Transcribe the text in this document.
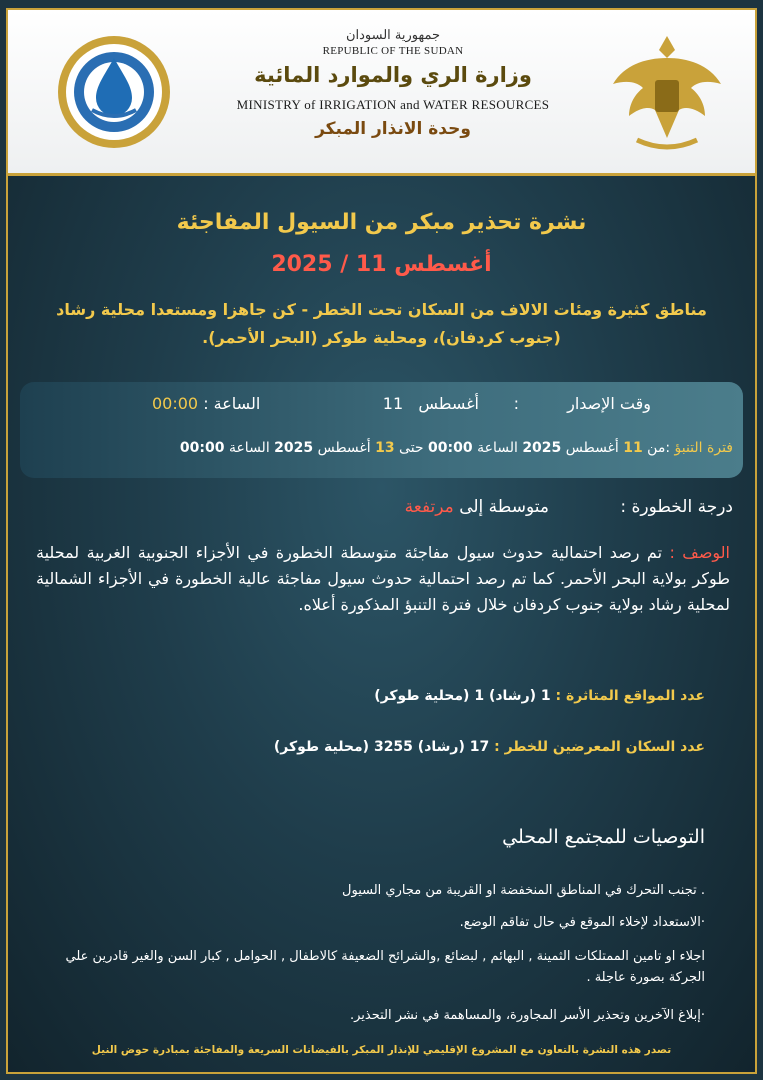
جمهورية السودان
REPUBLIC OF THE SUDAN
وزارة الري والموارد المائية
MINISTRY of IRRIGATION and WATER RESOURCES
وحدة الانذار المبكر
نشرة تحذير مبكر من السيول المفاجئة
أغسطس 11 / 2025
مناطق كثيرة ومئات الالاف من السكان تحت الخطر - كن جاهزا ومستعدا محلية رشاد (جنوب كردفان)، ومحلية طوكر (البحر الأحمر).
وقت الإصدار
:
أغسطس   11
الساعة : 00:00
فترة التنبؤ :من 11 أغسطس 2025 الساعة 00:00 حتى 13 أغسطس 2025 الساعة 00:00
درجة الخطورة :
متوسطة إلى مرتفعة
الوصف : تم رصد احتمالية حدوث سيول مفاجئة متوسطة الخطورة في الأجزاء الجنوبية الغربية لمحلية طوكر بولاية البحر الأحمر. كما تم رصد احتمالية حدوث سيول مفاجئة عالية الخطورة في الأجزاء الشمالية لمحلية رشاد بولاية جنوب كردفان خلال فترة التنبؤ المذكورة أعلاه.
عدد المواقع المتاثرة : 1 (رشاد) 1 (محلية طوكر)
عدد السكان المعرضين للخطر : 17 (رشاد) 3255 (محلية طوكر)
التوصيات للمجتمع المحلي
. تجنب التحرك في المناطق المنخفضة او القريبة من مجاري السيول
·الاستعداد لإخلاء الموقع في حال تفاقم الوضع.
اجلاء او تامين الممتلكات الثمينة , البهائم , لبضائع ,والشرائح الضعيفة كالاطفال , الحوامل , كبار السن والغير قادرين علي الجركة بصورة عاجلة .
·إبلاغ الآخرين وتحذير الأسر المجاورة، والمساهمة في نشر التحذير.
تصدر هذه النشرة بالتعاون مع المشروع الإقليمي للإنذار المبكر بالفيضانات السريعة والمفاجئة بمبادرة حوض النيل
